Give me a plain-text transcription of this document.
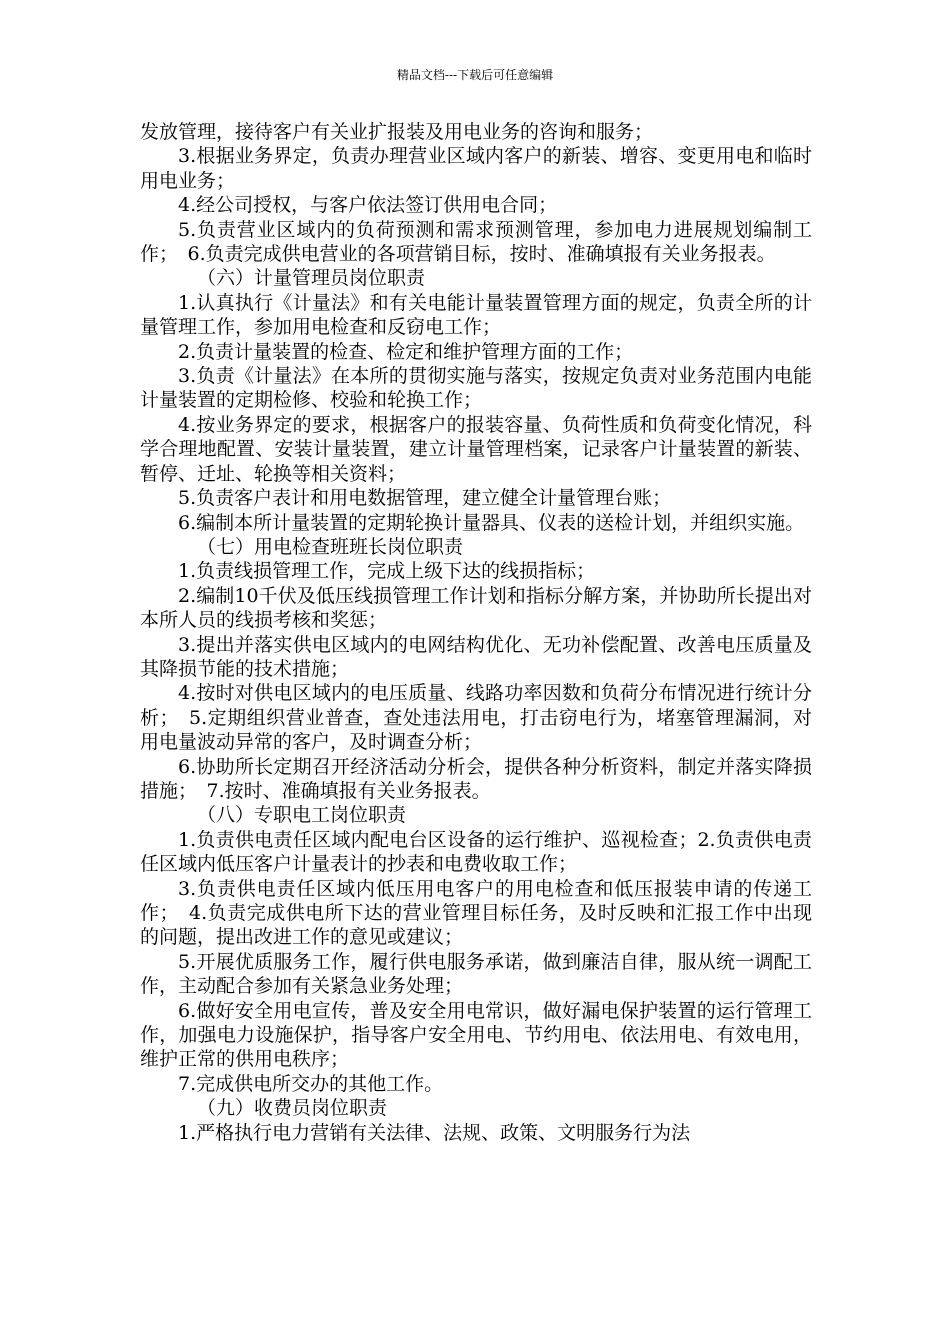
精品文档---下载后可任意编辑

发放管理，接待客户有关业扩报装及用电业务的咨询和服务；

3.根据业务界定，负责办理营业区域内客户的新装、增容、变更用电和临时用电业务；

4.经公司授权，与客户依法签订供用电合同；

5.负责营业区域内的负荷预测和需求预测管理，参加电力进展规划编制工作；　6.负责完成供电营业的各项营销目标，按时、准确填报有关业务报表。

（六）计量管理员岗位职责

1.认真执行《计量法》和有关电能计量装置管理方面的规定，负责全所的计量管理工作，参加用电检查和反窃电工作；

2.负责计量装置的检查、检定和维护管理方面的工作；

3.负责《计量法》在本所的贯彻实施与落实，按规定负责对业务范围内电能计量装置的定期检修、校验和轮换工作；

4.按业务界定的要求，根据客户的报装容量、负荷性质和负荷变化情况，科学合理地配置、安装计量装置，建立计量管理档案，记录客户计量装置的新装、暂停、迁址、轮换等相关资料；

5.负责客户表计和用电数据管理，建立健全计量管理台账；

6.编制本所计量装置的定期轮换计量器具、仪表的送检计划，并组织实施。

（七）用电检查班班长岗位职责

1.负责线损管理工作，完成上级下达的线损指标；

2.编制10千伏及低压线损管理工作计划和指标分解方案，并协助所长提出对本所人员的线损考核和奖惩；

3.提出并落实供电区域内的电网结构优化、无功补偿配置、改善电压质量及其降损节能的技术措施；

4.按时对供电区域内的电压质量、线路功率因数和负荷分布情况进行统计分析；　5.定期组织营业普查，查处违法用电，打击窃电行为，堵塞管理漏洞，对用电量波动异常的客户，及时调查分析；

6.协助所长定期召开经济活动分析会，提供各种分析资料，制定并落实降损措施；　7.按时、准确填报有关业务报表。

（八）专职电工岗位职责

1.负责供电责任区域内配电台区设备的运行维护、巡视检查；2.负责供电责任区域内低压客户计量表计的抄表和电费收取工作；

3.负责供电责任区域内低压用电客户的用电检查和低压报装申请的传递工作；　4.负责完成供电所下达的营业管理目标任务，及时反映和汇报工作中出现的问题，提出改进工作的意见或建议；

5.开展优质服务工作，履行供电服务承诺，做到廉洁自律，服从统一调配工作，主动配合参加有关紧急业务处理；

6.做好安全用电宣传，普及安全用电常识，做好漏电保护装置的运行管理工作，加强电力设施保护，指导客户安全用电、节约用电、依法用电、有效电用，维护正常的供用电秩序；

7.完成供电所交办的其他工作。

（九）收费员岗位职责

1.严格执行电力营销有关法律、法规、政策、文明服务行为法
